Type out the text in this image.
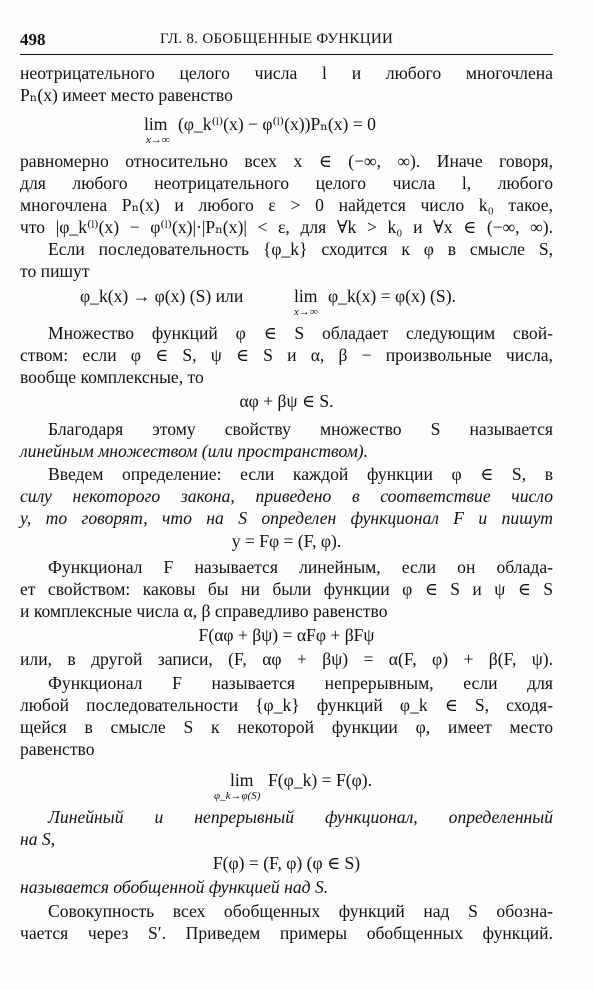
498	ГЛ. 8. ОБОБЩЕННЫЕ ФУНКЦИИ
неотрицательного целого числа l и любого многочлена
Pₙ(x) имеет место равенство
lim
x→∞
(φ_k⁽ˡ⁾(x) − φ⁽ˡ⁾(x))Pₙ(x) = 0
равномерно относительно всех x ∈ (−∞, ∞). Иначе говоря,
для любого неотрицательного целого числа l, любого
многочлена Pₙ(x) и любого ε > 0 найдется число k₀ такое,
что |φ_k⁽ˡ⁾(x) − φ⁽ˡ⁾(x)|·|Pₙ(x)| < ε, для ∀k > k₀ и ∀x ∈ (−∞, ∞).
Если последовательность {φ_k} сходится к φ в смысле S,
то пишут
φ_k(x) → φ(x) (S) или	lim
x→∞
φ_k(x) = φ(x) (S).
Множество функций φ ∈ S обладает следующим свой-
ством: если φ ∈ S, ψ ∈ S и α, β − произвольные числа,
вообще комплексные, то
αφ + βψ ∈ S.
Благодаря этому свойству множество S называется
линейным множеством (или пространством).
Введем определение: если каждой функции φ ∈ S, в
силу некоторого закона, приведено в соответствие число
y, то говорят, что на S определен функционал F и пишут
y = Fφ = (F, φ).
Функционал F называется линейным, если он облада-
ет свойством: каковы бы ни были функции φ ∈ S и ψ ∈ S
и комплексные числа α, β справедливо равенство
F(αφ + βψ) = αFφ + βFψ
или, в другой записи, (F, αφ + βψ) = α(F, φ) + β(F, ψ).
Функционал F называется непрерывным, если для
любой последовательности {φ_k} функций φ_k ∈ S, сходя-
щейся в смысле S к некоторой функции φ, имеет место
равенство
lim
φ_k→φ(S)
F(φ_k) = F(φ).
Линейный и непрерывный функционал, определенный
на S,
F(φ) = (F, φ) (φ ∈ S)
называется обобщенной функцией над S.
Совокупность всех обобщенных функций над S обозна-
чается через S′. Приведем примеры обобщенных функций.
